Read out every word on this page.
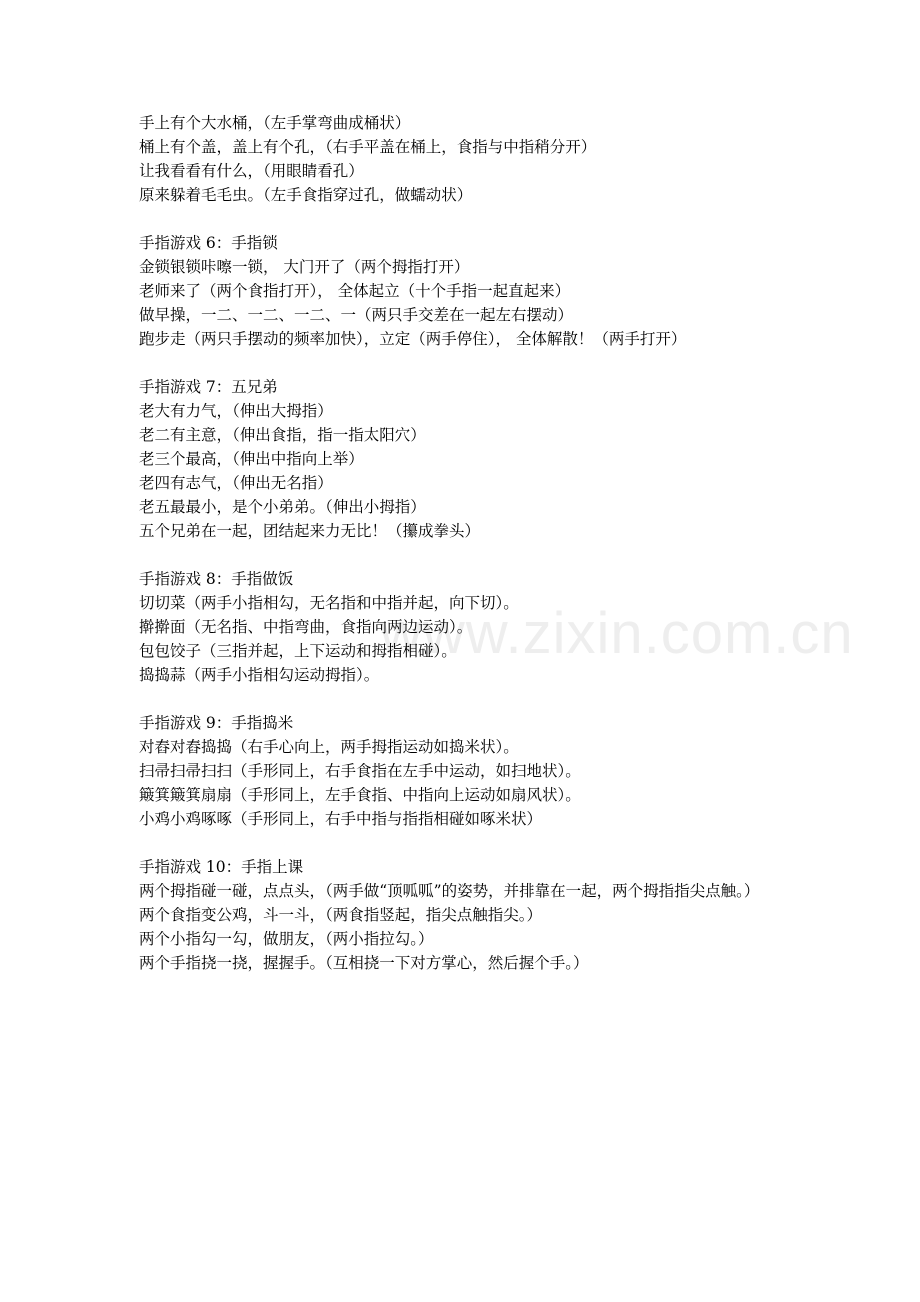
www.zixin.com.cn
手上有个大水桶，（左手掌弯曲成桶状）
桶上有个盖，盖上有个孔，（右手平盖在桶上，食指与中指稍分开）
让我看看有什么，（用眼睛看孔）
原来躲着毛毛虫。（左手食指穿过孔，做蠕动状）
手指游戏 6：手指锁
金锁银锁咔嚓一锁， 大门开了（两个拇指打开）
老师来了（两个食指打开）， 全体起立（十个手指一起直起来）
做早操，一二、一二、一二、一（两只手交差在一起左右摆动）
跑步走（两只手摆动的频率加快），立定（两手停住）， 全体解散！（两手打开）
手指游戏 7：五兄弟
老大有力气，（伸出大拇指）
老二有主意，（伸出食指，指一指太阳穴）
老三个最高，（伸出中指向上举）
老四有志气，（伸出无名指）
老五最最小，是个小弟弟。（伸出小拇指）
五个兄弟在一起，团结起来力无比！（攥成拳头）
手指游戏 8：手指做饭
切切菜（两手小指相勾，无名指和中指并起，向下切）。
擀擀面（无名指、中指弯曲，食指向两边运动）。
包包饺子（三指并起，上下运动和拇指相碰）。
捣捣蒜（两手小指相勾运动拇指）。
手指游戏 9：手指捣米
对舂对舂捣捣（右手心向上，两手拇指运动如捣米状）。
扫帚扫帚扫扫（手形同上，右手食指在左手中运动，如扫地状）。
簸箕簸箕扇扇（手形同上，左手食指、中指向上运动如扇风状）。
小鸡小鸡啄啄（手形同上，右手中指与指指相碰如啄米状）
手指游戏 10：手指上课
两个拇指碰一碰，点点头，（两手做“顶呱呱”的姿势，并排靠在一起，两个拇指指尖点触。）
两个食指变公鸡，斗一斗，（两食指竖起，指尖点触指尖。）
两个小指勾一勾，做朋友，（两小指拉勾。）
两个手指挠一挠，握握手。（互相挠一下对方掌心，然后握个手。）
